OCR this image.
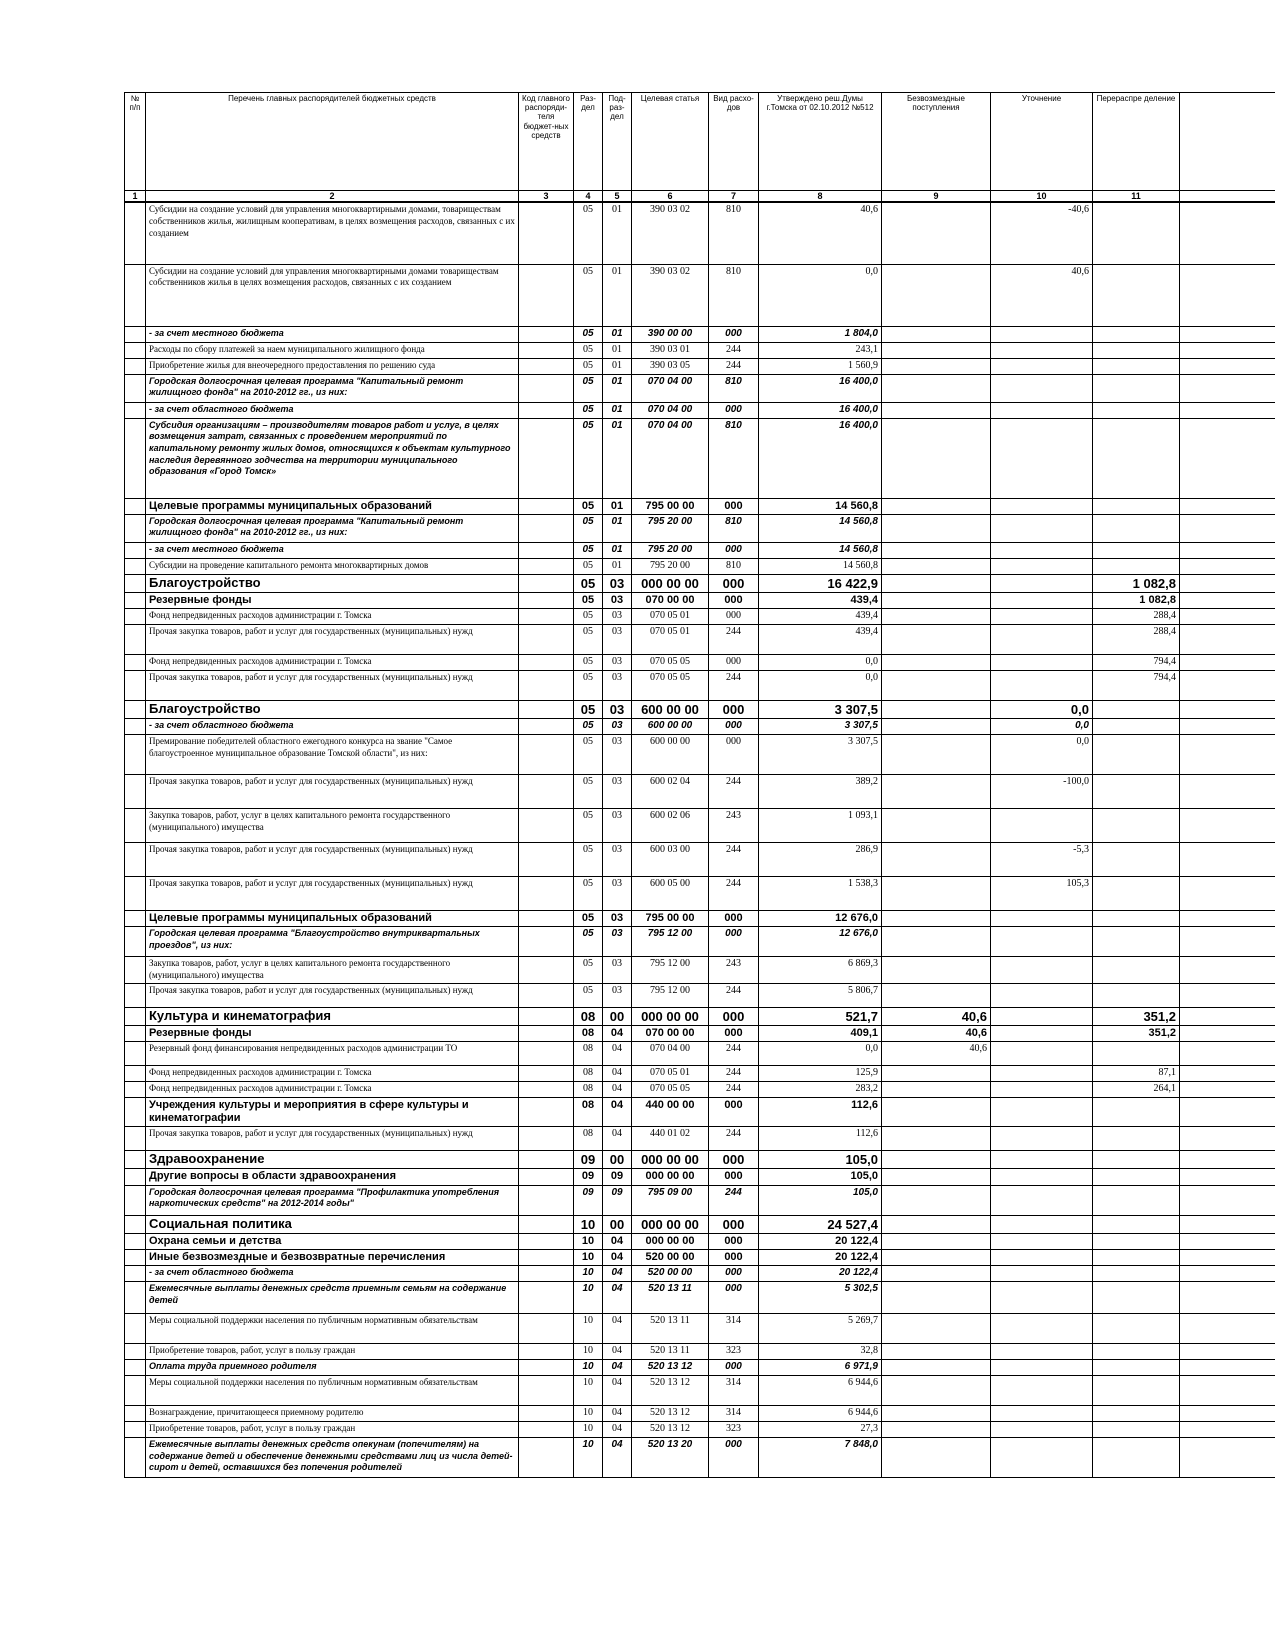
№ п/п	Перечень главных распорядителей бюджетных средств	Код главного распоряди-теля бюджет-ных средств	Раз-дел	Под-раз-дел	Целевая статья	Вид расхо-дов	Утверждено реш.Думы г.Томска от 02.10.2012 №512	Безвозмездные поступления	Уточнение	Перераспре деление	
1	2	3	4	5	6	7	8	9	10	11	
	Субсидии на создание условий для управления многоквартирными домами, товариществам собственников жилья, жилищным кооперативам, в целях возмещения расходов, связанных с их созданием		05	01	390 03 02	810	40,6		-40,6		
	Субсидии на создание условий для управления многоквартирными домами товариществам собственников жилья в целях возмещения расходов, связанных с их созданием		05	01	390 03 02	810	0,0		40,6		
	- за счет местного бюджета		05	01	390 00 00	000	1 804,0				
	Расходы по сбору платежей за наем муниципального жилищного фонда		05	01	390 03 01	244	243,1				
	Приобретение жилья для внеочередного предоставления по решению суда		05	01	390 03 05	244	1 560,9				
	Городская долгосрочная целевая программа "Капитальный ремонт жилищного фонда" на 2010-2012 гг., из них:		05	01	070 04 00	810	16 400,0				
	- за счет областного бюджета		05	01	070 04 00	000	16 400,0				
	Субсидия организациям – производителям товаров работ и услуг, в целях возмещения затрат, связанных с проведением мероприятий по капитальному ремонту жилых домов, относящихся к объектам культурного наследия деревянного зодчества на территории муниципального образования «Город Томск»		05	01	070 04 00	810	16 400,0				
	Целевые программы муниципальных образований		05	01	795 00 00	000	14 560,8				
	Городская долгосрочная целевая программа "Капитальный ремонт жилищного фонда" на 2010-2012 гг., из них:		05	01	795 20 00	810	14 560,8				
	- за счет местного бюджета		05	01	795 20 00	000	14 560,8				
	Субсидии на проведение капитального ремонта многоквартирных домов		05	01	795 20 00	810	14 560,8				
	Благоустройство		05	03	000 00 00	000	16 422,9			1 082,8	
	Резервные фонды		05	03	070 00 00	000	439,4			1 082,8	
	Фонд непредвиденных расходов администрации г. Томска		05	03	070 05 01	000	439,4			288,4	
	Прочая закупка товаров, работ и услуг для государственных (муниципальных) нужд		05	03	070 05 01	244	439,4			288,4	
	Фонд непредвиденных расходов администрации г. Томска		05	03	070 05 05	000	0,0			794,4	
	Прочая закупка товаров, работ и услуг для государственных (муниципальных) нужд		05	03	070 05 05	244	0,0			794,4	
	Благоустройство		05	03	600 00 00	000	3 307,5		0,0		
	- за счет областного бюджета		05	03	600 00 00	000	3 307,5		0,0		
	Премирование победителей областного ежегодного конкурса на звание "Самое благоустроенное муниципальное образование Томской области", из них:		05	03	600 00 00	000	3 307,5		0,0		
	Прочая закупка товаров, работ и услуг для государственных (муниципальных) нужд		05	03	600 02 04	244	389,2		-100,0		
	Закупка товаров, работ, услуг в целях капитального ремонта государственного (муниципального) имущества		05	03	600 02 06	243	1 093,1				
	Прочая закупка товаров, работ и услуг для государственных (муниципальных) нужд		05	03	600 03 00	244	286,9		-5,3		
	Прочая закупка товаров, работ и услуг для государственных (муниципальных) нужд		05	03	600 05 00	244	1 538,3		105,3		
	Целевые программы муниципальных образований		05	03	795 00 00	000	12 676,0				
	Городская целевая программа "Благоустройство внутриквартальных проездов", из них:		05	03	795 12 00	000	12 676,0				
	Закупка товаров, работ, услуг в целях капитального ремонта государственного (муниципального) имущества		05	03	795 12 00	243	6 869,3				
	Прочая закупка товаров, работ и услуг для государственных (муниципальных) нужд		05	03	795 12 00	244	5 806,7				
	Культура и кинематография		08	00	000 00 00	000	521,7	40,6		351,2	
	Резервные фонды		08	04	070 00 00	000	409,1	40,6		351,2	
	Резервный фонд финансирования непредвиденных расходов администрации ТО		08	04	070 04 00	244	0,0	40,6			
	Фонд непредвиденных расходов администрации г. Томска		08	04	070 05 01	244	125,9			87,1	
	Фонд непредвиденных расходов администрации г. Томска		08	04	070 05 05	244	283,2			264,1	
	Учреждения культуры и мероприятия в сфере культуры и кинематографии		08	04	440 00 00	000	112,6				
	Прочая закупка товаров, работ и услуг для государственных (муниципальных) нужд		08	04	440 01 02	244	112,6				
	Здравоохранение		09	00	000 00 00	000	105,0				
	Другие вопросы в области здравоохранения		09	09	000 00 00	000	105,0				
	Городская долгосрочная целевая программа "Профилактика употребления наркотических средств" на 2012-2014 годы"		09	09	795 09 00	244	105,0				
	Социальная политика		10	00	000 00 00	000	24 527,4				
	Охрана семьи и детства		10	04	000 00 00	000	20 122,4				
	Иные безвозмездные и безвозвратные перечисления		10	04	520 00 00	000	20 122,4				
	- за счет областного бюджета		10	04	520 00 00	000	20 122,4				
	Ежемесячные выплаты денежных средств приемным семьям на содержание детей		10	04	520 13 11	000	5 302,5				
	Меры социальной поддержки населения по публичным нормативным обязательствам		10	04	520 13 11	314	5 269,7				
	Приобретение товаров, работ, услуг в пользу граждан		10	04	520 13 11	323	32,8				
	Оплата труда приемного родителя		10	04	520 13 12	000	6 971,9				
	Меры социальной поддержки населения по публичным нормативным обязательствам		10	04	520 13 12	314	6 944,6				
	Вознаграждение, причитающееся приемному родителю		10	04	520 13 12	314	6 944,6				
	Приобретение товаров, работ, услуг в пользу граждан		10	04	520 13 12	323	27,3				
	Ежемесячные выплаты денежных средств опекунам (попечителям) на содержание детей и обеспечение денежными средствами лиц из числа детей-сирот и детей, оставшихся без попечения родителей		10	04	520 13 20	000	7 848,0				
